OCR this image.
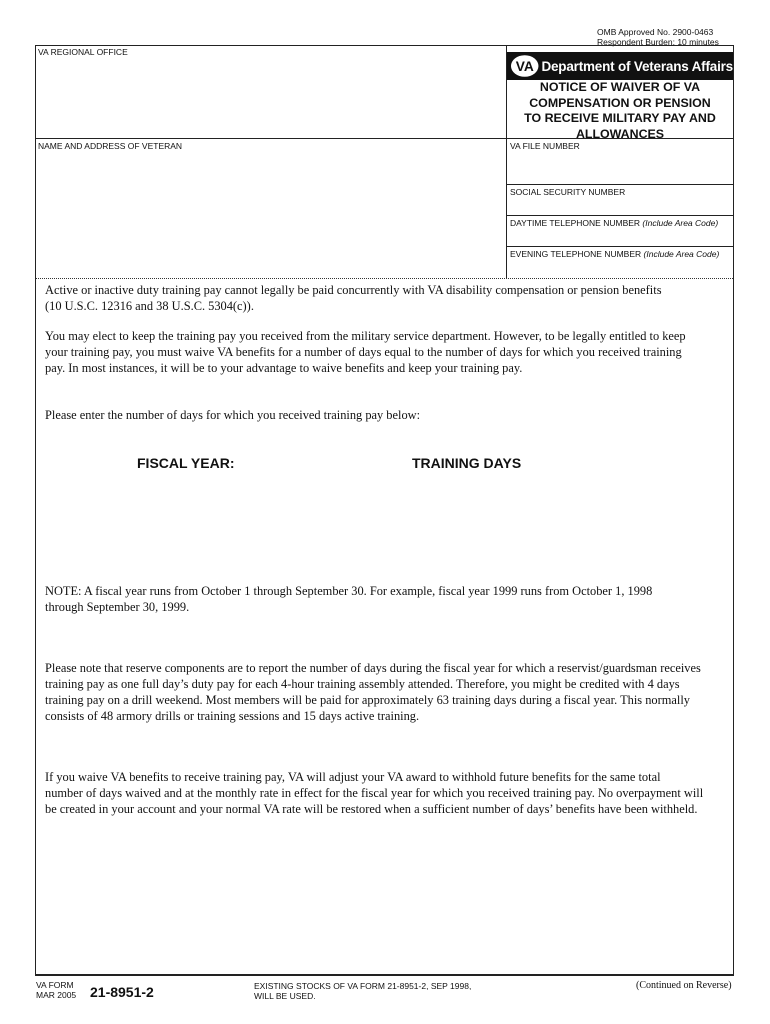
OMB Approved No. 2900-0463
Respondent Burden: 10 minutes
VA REGIONAL OFFICE
NAME AND ADDRESS OF VETERAN	VA FILE NUMBER
SOCIAL SECURITY NUMBER
DAYTIME TELEPHONE NUMBER (Include Area Code)
EVENING TELEPHONE NUMBER (Include Area Code)
VA Department of Veterans Affairs
NOTICE OF WAIVER OF VA
COMPENSATION OR PENSION
TO RECEIVE MILITARY PAY AND
ALLOWANCES
Active or inactive duty training pay cannot legally be paid concurrently with VA disability compensation or pension benefits
(10 U.S.C. 12316 and 38 U.S.C. 5304(c)).
You may elect to keep the training pay you received from the military service department. However, to be legally entitled to keep
your training pay, you must waive VA benefits for a number of days equal to the number of days for which you received training
pay. In most instances, it will be to your advantage to waive benefits and keep your training pay.
Please enter the number of days for which you received training pay below:
FISCAL YEAR:	TRAINING DAYS
NOTE: A fiscal year runs from October 1 through September 30. For example, fiscal year 1999 runs from October 1, 1998
through September 30, 1999.
Please note that reserve components are to report the number of days during the fiscal year for which a reservist/guardsman receives
training pay as one full day’s duty pay for each 4-hour training assembly attended. Therefore, you might be credited with 4 days
training pay on a drill weekend. Most members will be paid for approximately 63 training days during a fiscal year. This normally
consists of 48 armory drills or training sessions and 15 days active training.
If you waive VA benefits to receive training pay, VA will adjust your VA award to withhold future benefits for the same total
number of days waived and at the monthly rate in effect for the fiscal year for which you received training pay. No overpayment will
be created in your account and your normal VA rate will be restored when a sufficient number of days’ benefits have been withheld.
VA FORM
MAR 2005 21-8951-2	EXISTING STOCKS OF VA FORM 21-8951-2, SEP 1998,
WILL BE USED.
(Continued on Reverse)
